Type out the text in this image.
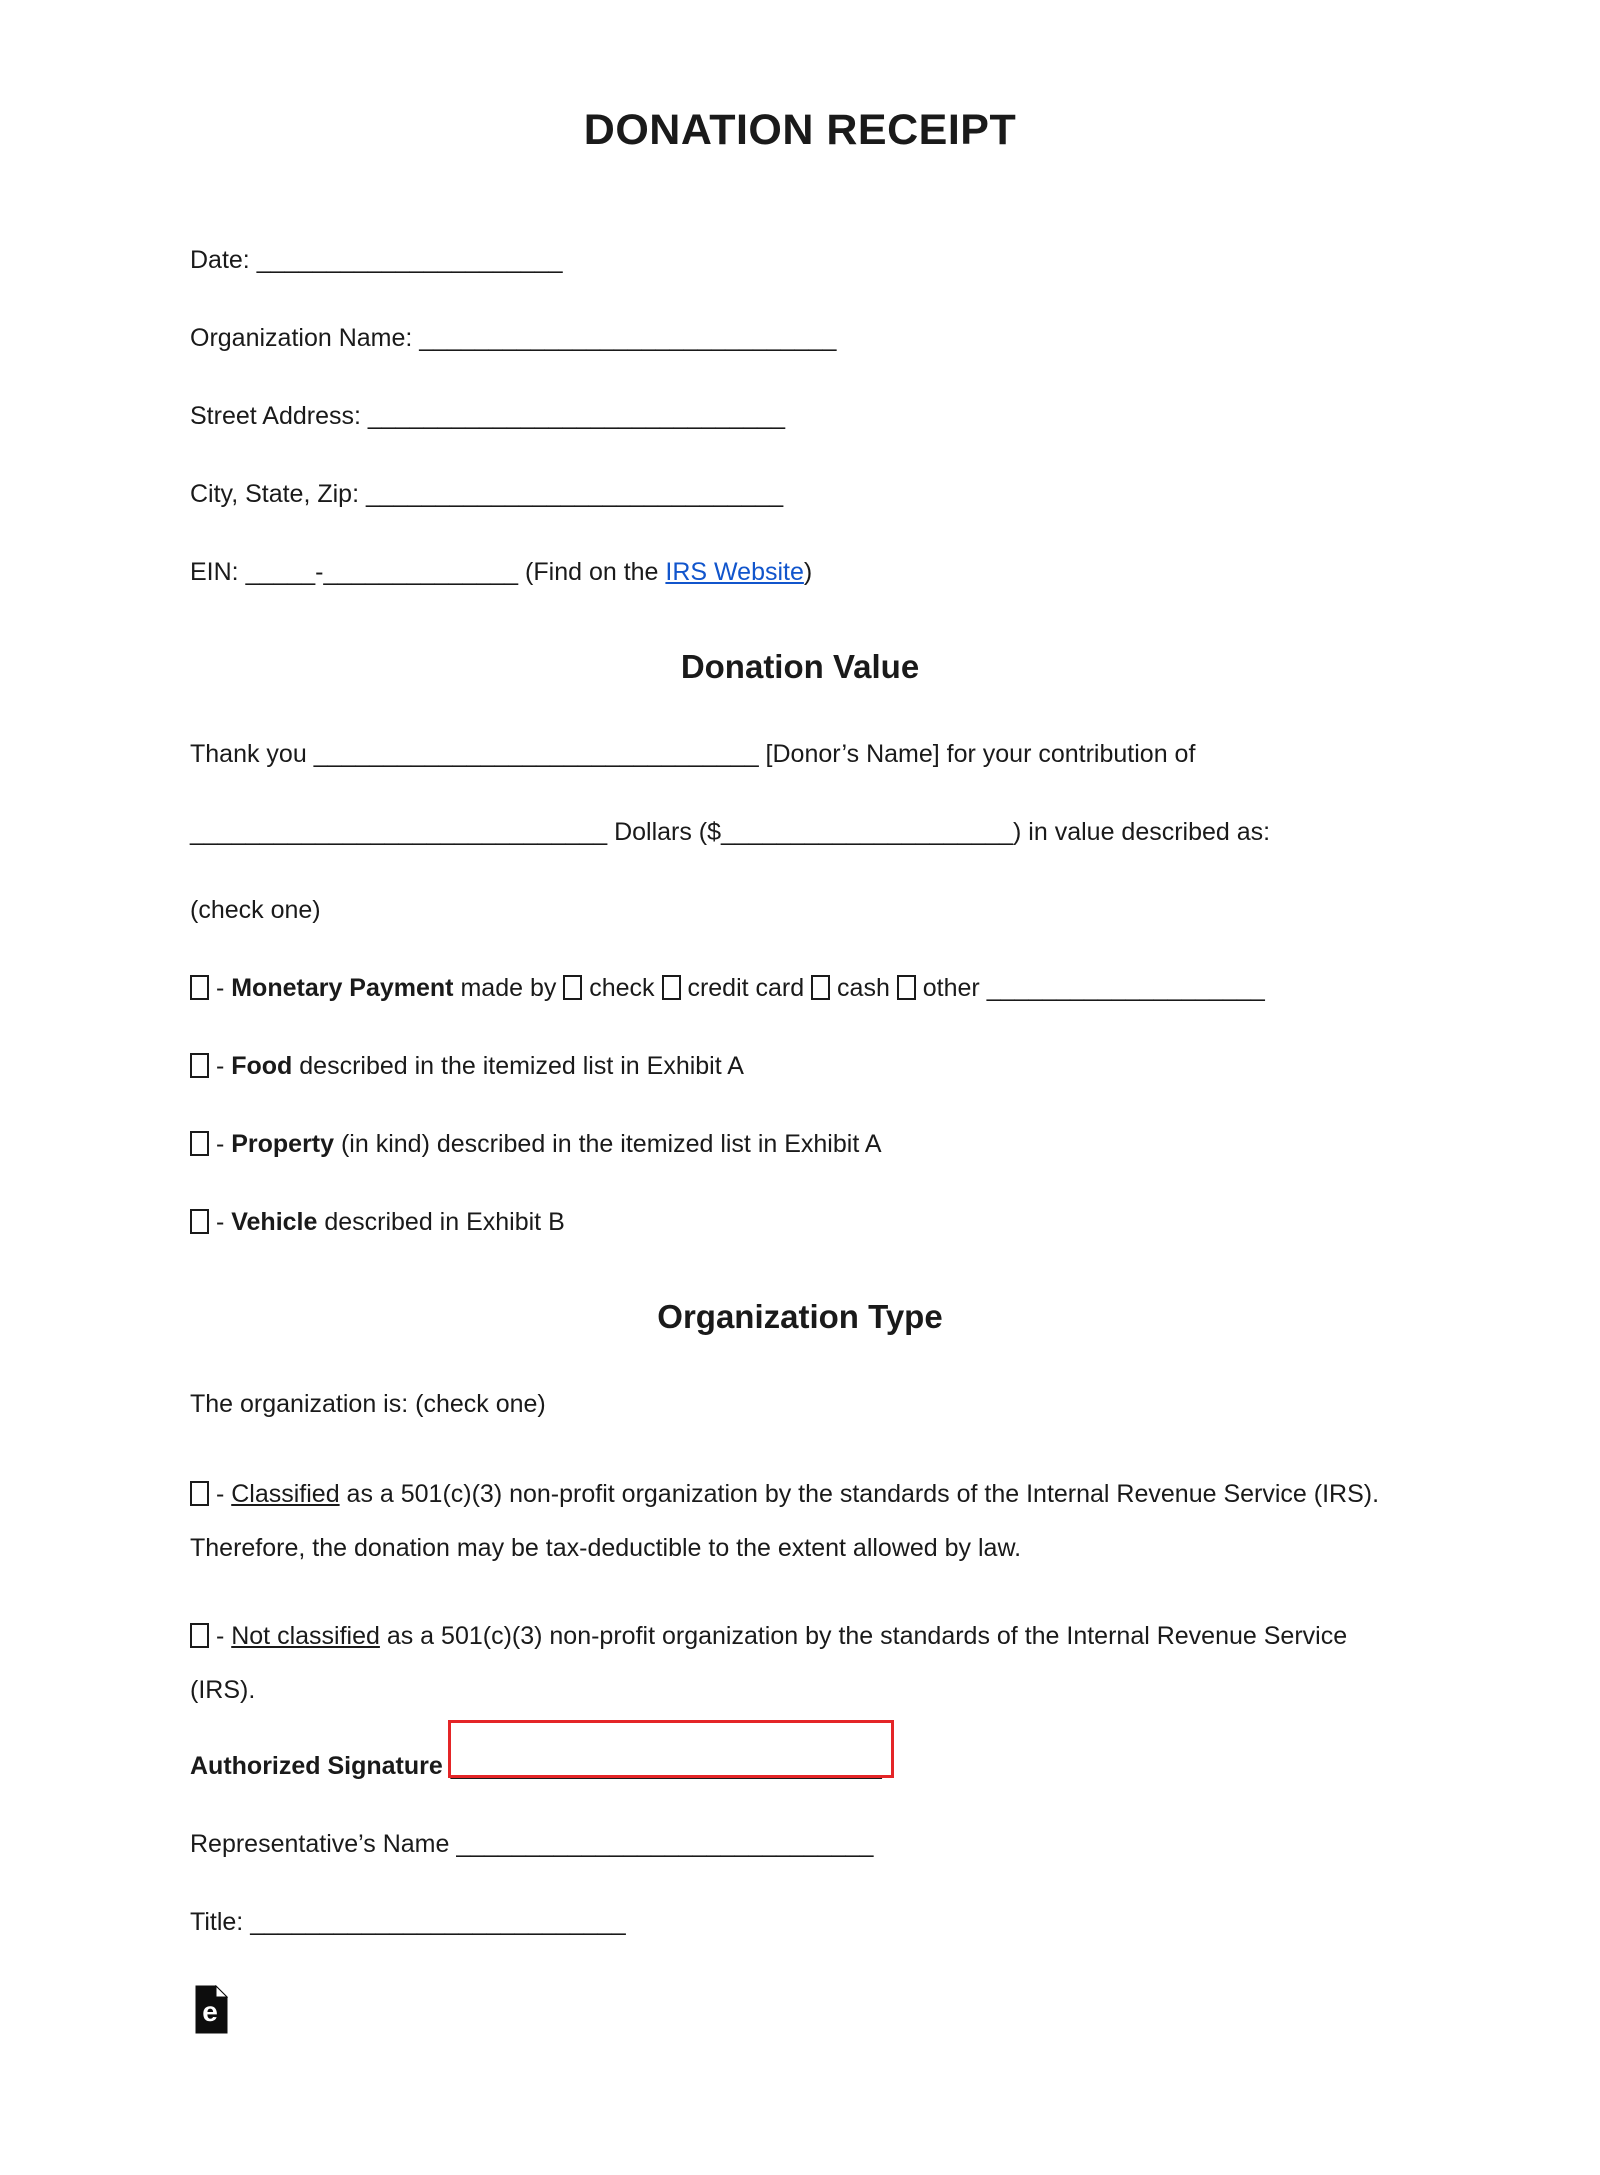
DONATION RECEIPT

Date: ______________________

Organization Name: ______________________________

Street Address: ______________________________

City, State, Zip: ______________________________

EIN: _____-______________ (Find on the IRS Website)

Donation Value

Thank you ________________________________ [Donor’s Name] for your contribution of

______________________________ Dollars ($_____________________) in value described as:

(check one)

- Monetary Payment made by  check  credit card  cash  other ____________________

- Food described in the itemized list in Exhibit A

- Property (in kind) described in the itemized list in Exhibit A

- Vehicle described in Exhibit B

Organization Type

The organization is: (check one)

- Classified as a 501(c)(3) non-profit organization by the standards of the Internal Revenue Service (IRS). Therefore, the donation may be tax-deductible to the extent allowed by law.

- Not classified as a 501(c)(3) non-profit organization by the standards of the Internal Revenue Service (IRS).

Authorized Signature _______________________________

Representative’s Name ______________________________

Title: ___________________________

e
